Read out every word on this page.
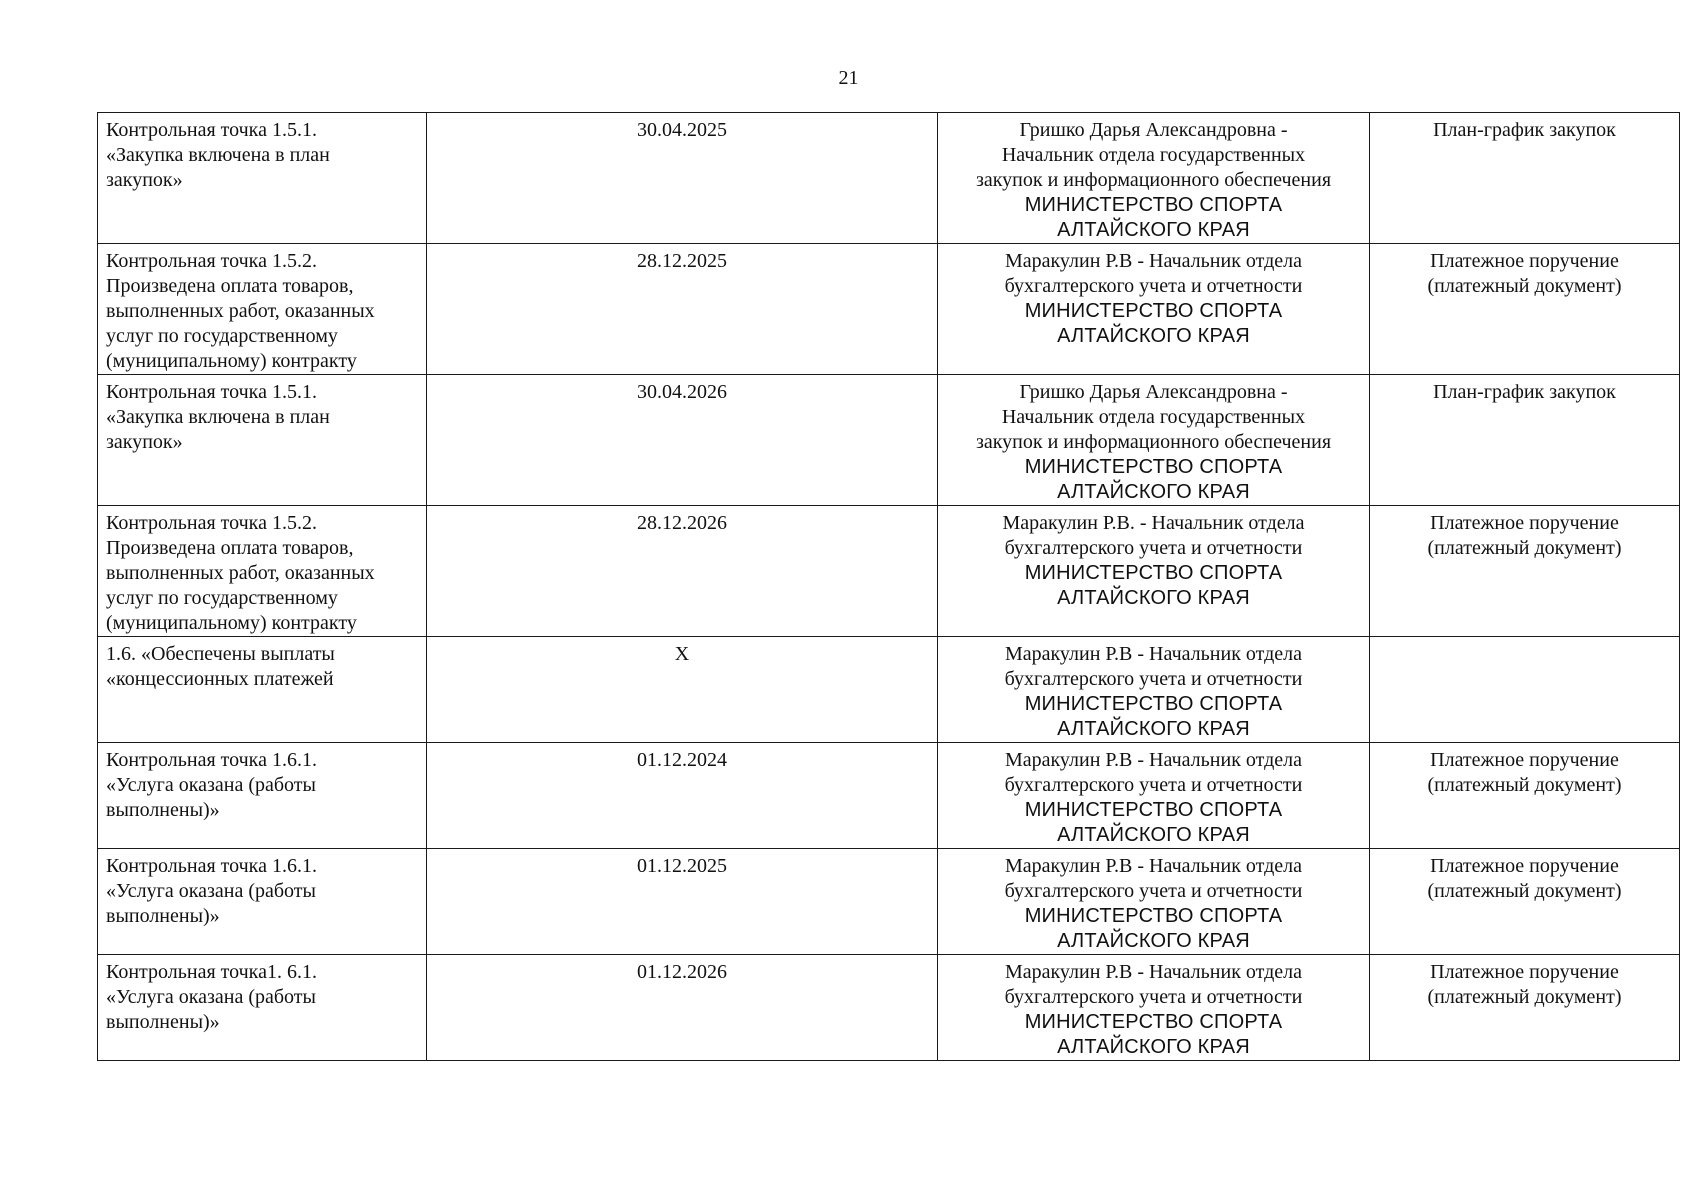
21
Контрольная точка 1.5.1.
«Закупка включена в план
закупок»	30.04.2025	Гришко Дарья Александровна -
Начальник отдела государственных
закупок и информационного обеспечения
МИНИСТЕРСТВО СПОРТА
АЛТАЙСКОГО КРАЯ	План-график закупок

Контрольная точка 1.5.2.
Произведена оплата товаров,
выполненных работ, оказанных
услуг по государственному
(муниципальному) контракту	28.12.2025	Маракулин Р.В - Начальник отдела
бухгалтерского учета и отчетности
МИНИСТЕРСТВО СПОРТА
АЛТАЙСКОГО КРАЯ	Платежное поручение
(платежный документ)

Контрольная точка 1.5.1.
«Закупка включена в план
закупок»	30.04.2026	Гришко Дарья Александровна -
Начальник отдела государственных
закупок и информационного обеспечения
МИНИСТЕРСТВО СПОРТА
АЛТАЙСКОГО КРАЯ	План-график закупок

Контрольная точка 1.5.2.
Произведена оплата товаров,
выполненных работ, оказанных
услуг по государственному
(муниципальному) контракту	28.12.2026	Маракулин Р.В. - Начальник отдела
бухгалтерского учета и отчетности
МИНИСТЕРСТВО СПОРТА
АЛТАЙСКОГО КРАЯ	Платежное поручение
(платежный документ)

1.6. «Обеспечены выплаты
«концессионных платежей	X	Маракулин Р.В - Начальник отдела
бухгалтерского учета и отчетности
МИНИСТЕРСТВО СПОРТА
АЛТАЙСКОГО КРАЯ	

Контрольная точка 1.6.1.
«Услуга оказана (работы
выполнены)»	01.12.2024	Маракулин Р.В - Начальник отдела
бухгалтерского учета и отчетности
МИНИСТЕРСТВО СПОРТА
АЛТАЙСКОГО КРАЯ	Платежное поручение
(платежный документ)

Контрольная точка 1.6.1.
«Услуга оказана (работы
выполнены)»	01.12.2025	Маракулин Р.В - Начальник отдела
бухгалтерского учета и отчетности
МИНИСТЕРСТВО СПОРТА
АЛТАЙСКОГО КРАЯ	Платежное поручение
(платежный документ)

Контрольная точка1. 6.1.
«Услуга оказана (работы
выполнены)»	01.12.2026	Маракулин Р.В - Начальник отдела
бухгалтерского учета и отчетности
МИНИСТЕРСТВО СПОРТА
АЛТАЙСКОГО КРАЯ	Платежное поручение
(платежный документ)
